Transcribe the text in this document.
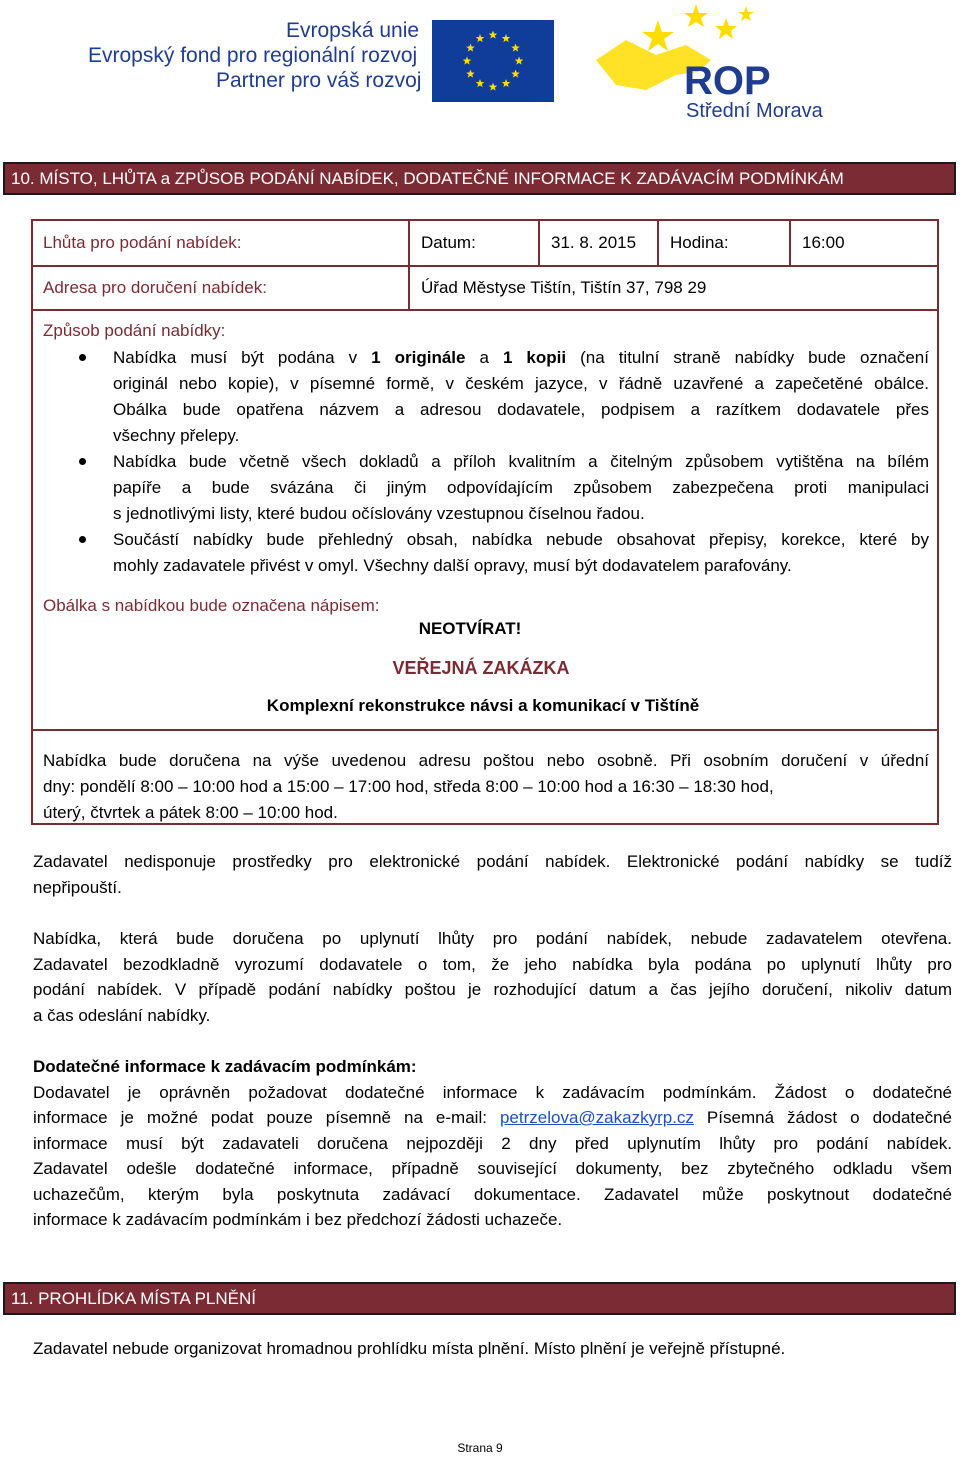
Evropská unie
Evropský fond pro regionální rozvoj
Partner pro váš rozvoj	ROP
Střední Morava
10. MÍSTO, LHŮTA a ZPŮSOB PODÁNÍ NABÍDEK, DODATEČNÉ INFORMACE K ZADÁVACÍM PODMÍNKÁM
Lhůta pro podání nabídek:	Datum:	31. 8. 2015 Hodina:	16:00
Adresa pro doručení nabídek:	Úřad Městyse Tištín, Tištín 37, 798 29
Způsob podání nabídky:
Nabídka musí být podána v 1 originále a 1 kopii (na titulní straně nabídky bude označení
originál nebo kopie), v písemné formě, v českém jazyce, v řádně uzavřené a zapečetěné obálce.
Obálka bude opatřena názvem a adresou dodavatele, podpisem a razítkem dodavatele přes
všechny přelepy.
Nabídka bude včetně všech dokladů a příloh kvalitním a čitelným způsobem vytištěna na bílém
papíře a bude svázána či jiným odpovídajícím způsobem zabezpečena proti manipulaci
s jednotlivými listy, které budou očíslovány vzestupnou číselnou řadou.
Součástí nabídky bude přehledný obsah, nabídka nebude obsahovat přepisy, korekce, které by
mohly zadavatele přivést v omyl. Všechny další opravy, musí být dodavatelem parafovány.
Obálka s nabídkou bude označena nápisem:
NEOTVÍRAT!
VEŘEJNÁ ZAKÁZKA
Komplexní rekonstrukce návsi a komunikací v Tištíně
Nabídka bude doručena na výše uvedenou adresu poštou nebo osobně. Při osobním doručení v úřední
dny: pondělí 8:00 – 10:00 hod a 15:00 – 17:00 hod, středa 8:00 – 10:00 hod a 16:30 – 18:30 hod,
úterý, čtvrtek a pátek 8:00 – 10:00 hod.
Zadavatel nedisponuje prostředky pro elektronické podání nabídek. Elektronické podání nabídky se tudíž
nepřipouští.
Nabídka, která bude doručena po uplynutí lhůty pro podání nabídek, nebude zadavatelem otevřena.
Zadavatel bezodkladně vyrozumí dodavatele o tom, že jeho nabídka byla podána po uplynutí lhůty pro
podání nabídek. V případě podání nabídky poštou je rozhodující datum a čas jejího doručení, nikoliv datum
a čas odeslání nabídky.
Dodatečné informace k zadávacím podmínkám:
Dodavatel je oprávněn požadovat dodatečné informace k zadávacím podmínkám. Žádost o dodatečné
informace je možné podat pouze písemně na e-mail: petrzelova@zakazkyrp.cz Písemná žádost o dodatečné
informace musí být zadavateli doručena nejpozději 2 dny před uplynutím lhůty pro podání nabídek.
Zadavatel odešle dodatečné informace, případně související dokumenty, bez zbytečného odkladu všem
uchazečům, kterým byla poskytnuta zadávací dokumentace. Zadavatel může poskytnout dodatečné
informace k zadávacím podmínkám i bez předchozí žádosti uchazeče.
11. PROHLÍDKA MÍSTA PLNĚNÍ
Zadavatel nebude organizovat hromadnou prohlídku místa plnění. Místo plnění je veřejně přístupné.
Strana 9
